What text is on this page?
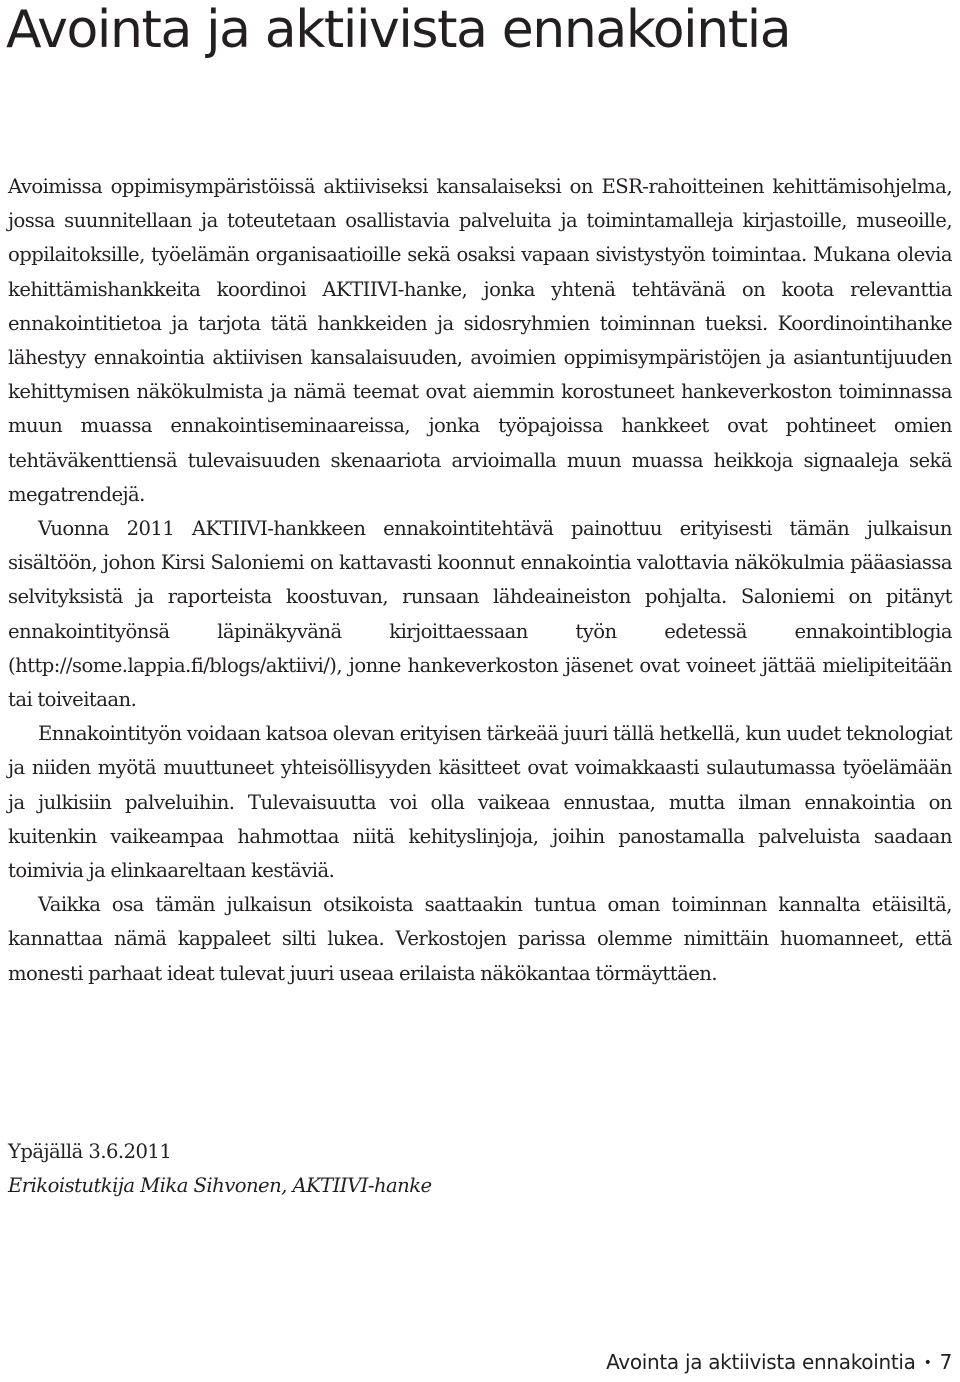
Avointa ja aktiivista ennakointia

Avoimissa oppimisympäristöissä aktiiviseksi kansalaiseksi on ESR-rahoitteinen kehittämisohjelma, jossa suunnitellaan ja toteutetaan osallistavia palveluita ja toimintamalleja kirjastoille, museoille, oppilaitoksille, työelämän organisaatioille sekä osaksi vapaan sivistystyön toimintaa. Mukana olevia kehittämishankkeita koordinoi AKTIIVI-hanke, jonka yhtenä tehtävänä on koota relevanttia ennakointitietoa ja tarjota tätä hankkeiden ja sidosryhmien toiminnan tueksi. Koordinointihanke lähestyy ennakointia aktiivisen kansalaisuuden, avoimien oppimisympäristöjen ja asiantuntijuuden kehittymisen näkökulmista ja nämä teemat ovat aiemmin korostuneet hankeverkoston toiminnassa muun muassa ennakointiseminaareissa, jonka työpajoissa hankkeet ovat pohtineet omien tehtäväkenttiensä tulevaisuuden skenaariota arvioimalla muun muassa heikkoja signaaleja sekä megatrendejä.

Vuonna 2011 AKTIIVI-hankkeen ennakointitehtävä painottuu erityisesti tämän julkaisun sisältöön, johon Kirsi Saloniemi on kattavasti koonnut ennakointia valottavia näkökulmia pääasiassa selvityksistä ja raporteista koostuvan, runsaan lähdeaineiston pohjalta. Saloniemi on pitänyt ennakointityönsä läpinäkyvänä kirjoittaessaan työn edetessä ennakointiblogia (http://some.lappia.fi/blogs/aktiivi/), jonne hankeverkoston jäsenet ovat voineet jättää mielipiteitään tai toiveitaan.

Ennakointityön voidaan katsoa olevan erityisen tärkeää juuri tällä hetkellä, kun uudet teknologiat ja niiden myötä muuttuneet yhteisöllisyyden käsitteet ovat voimakkaasti sulautumassa työelämään ja julkisiin palveluihin. Tulevaisuutta voi olla vaikeaa ennustaa, mutta ilman ennakointia on kuitenkin vaikeampaa hahmottaa niitä kehityslinjoja, joihin panostamalla palveluista saadaan toimivia ja elinkaareltaan kestäviä.

Vaikka osa tämän julkaisun otsikoista saattaakin tuntua oman toiminnan kannalta etäisiltä, kannattaa nämä kappaleet silti lukea. Verkostojen parissa olemme nimittäin huomanneet, että monesti parhaat ideat tulevat juuri useaa erilaista näkökantaa törmäyttäen.

Ypäjällä 3.6.2011
Erikoistutkija Mika Sihvonen, AKTIIVI-hanke
Avointa ja aktiivista ennakointia • 7
